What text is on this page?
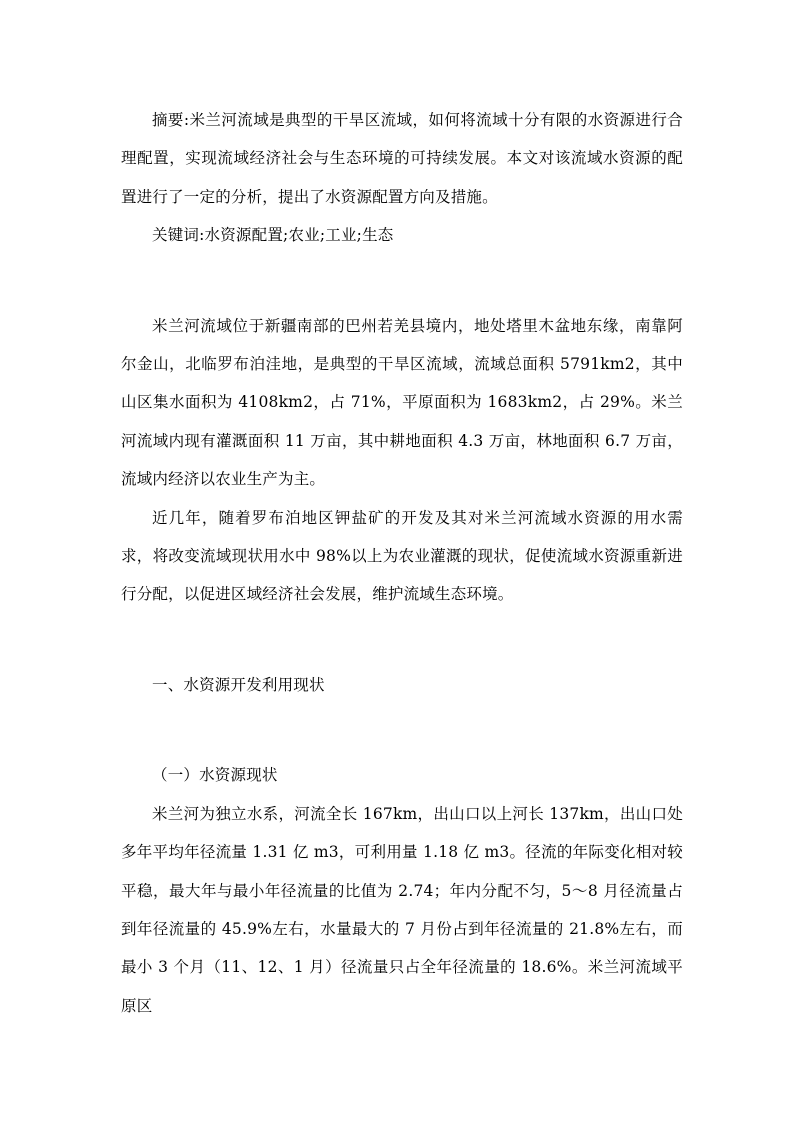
摘要:米兰河流域是典型的干旱区流域，如何将流域十分有限的水资源进行合理配置，实现流域经济社会与生态环境的可持续发展。本文对该流域水资源的配置进行了一定的分析，提出了水资源配置方向及措施。

关键词:水资源配置;农业;工业;生态

米兰河流域位于新疆南部的巴州若羌县境内，地处塔里木盆地东缘，南靠阿尔金山，北临罗布泊洼地，是典型的干旱区流域，流域总面积 5791km2，其中山区集水面积为 4108km2，占 71%，平原面积为 1683km2，占 29%。米兰河流域内现有灌溉面积 11 万亩，其中耕地面积 4.3 万亩，林地面积 6.7 万亩，流域内经济以农业生产为主。

近几年，随着罗布泊地区钾盐矿的开发及其对米兰河流域水资源的用水需求，将改变流域现状用水中 98%以上为农业灌溉的现状，促使流域水资源重新进行分配，以促进区域经济社会发展，维护流域生态环境。

一、水资源开发利用现状

（一）水资源现状

米兰河为独立水系，河流全长 167km，出山口以上河长 137km，出山口处多年平均年径流量 1.31 亿 m3，可利用量 1.18 亿 m3。径流的年际变化相对较平稳，最大年与最小年径流量的比值为 2.74；年内分配不匀，5～8 月径流量占到年径流量的 45.9%左右，水量最大的 7 月份占到年径流量的 21.8%左右，而最小 3 个月（11、12、1 月）径流量只占全年径流量的 18.6%。米兰河流域平原区
